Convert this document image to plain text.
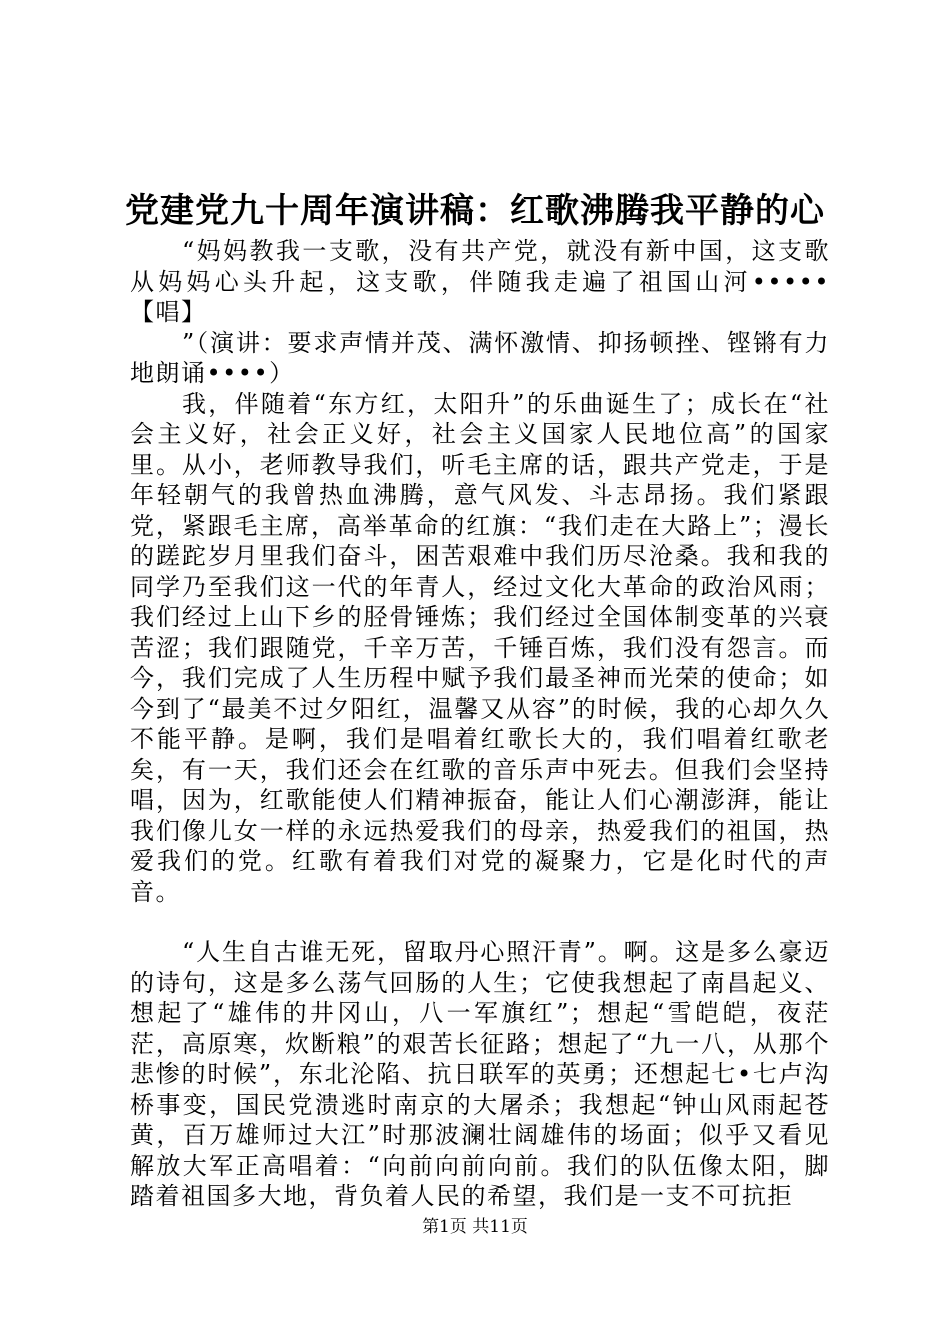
党建党九十周年演讲稿：红歌沸腾我平静的心

“妈妈教我一支歌，没有共产党，就没有新中国，这支歌从妈妈心头升起，这支歌，伴随我走遍了祖国山河•••••【唱】

”（演讲：要求声情并茂、满怀激情、抑扬顿挫、铿锵有力地朗诵••••）

我，伴随着“东方红，太阳升”的乐曲诞生了；成长在“社会主义好，社会正义好，社会主义国家人民地位高”的国家里。从小，老师教导我们，听毛主席的话，跟共产党走，于是年轻朝气的我曾热血沸腾，意气风发、斗志昂扬。我们紧跟党，紧跟毛主席，高举革命的红旗：“我们走在大路上”；漫长的蹉跎岁月里我们奋斗，困苦艰难中我们历尽沧桑。我和我的同学乃至我们这一代的年青人，经过文化大革命的政治风雨；我们经过上山下乡的胫骨锤炼；我们经过全国体制变革的兴衰苦涩；我们跟随党，千辛万苦，千锤百炼，我们没有怨言。而今，我们完成了人生历程中赋予我们最圣神而光荣的使命；如今到了“最美不过夕阳红，温馨又从容”的时候，我的心却久久不能平静。是啊，我们是唱着红歌长大的，我们唱着红歌老矣，有一天，我们还会在红歌的音乐声中死去。但我们会坚持唱，因为，红歌能使人们精神振奋，能让人们心潮澎湃，能让我们像儿女一样的永远热爱我们的母亲，热爱我们的祖国，热爱我们的党。红歌有着我们对党的凝聚力，它是化时代的声音。

“人生自古谁无死，留取丹心照汗青”。啊。这是多么豪迈的诗句，这是多么荡气回肠的人生；它使我想起了南昌起义、想起了“雄伟的井冈山，八一军旗红”；想起“雪皑皑，夜茫茫，高原寒，炊断粮”的艰苦长征路；想起了“九一八，从那个悲惨的时候”，东北沦陷、抗日联军的英勇；还想起七•七卢沟桥事变，国民党溃逃时南京的大屠杀；我想起“钟山风雨起苍黄，百万雄师过大江”时那波澜壮阔雄伟的场面；似乎又看见解放大军正高唱着：“向前向前向前。我们的队伍像太阳，脚踏着祖国多大地，背负着人民的希望，我们是一支不可抗拒

第1页 共11页
